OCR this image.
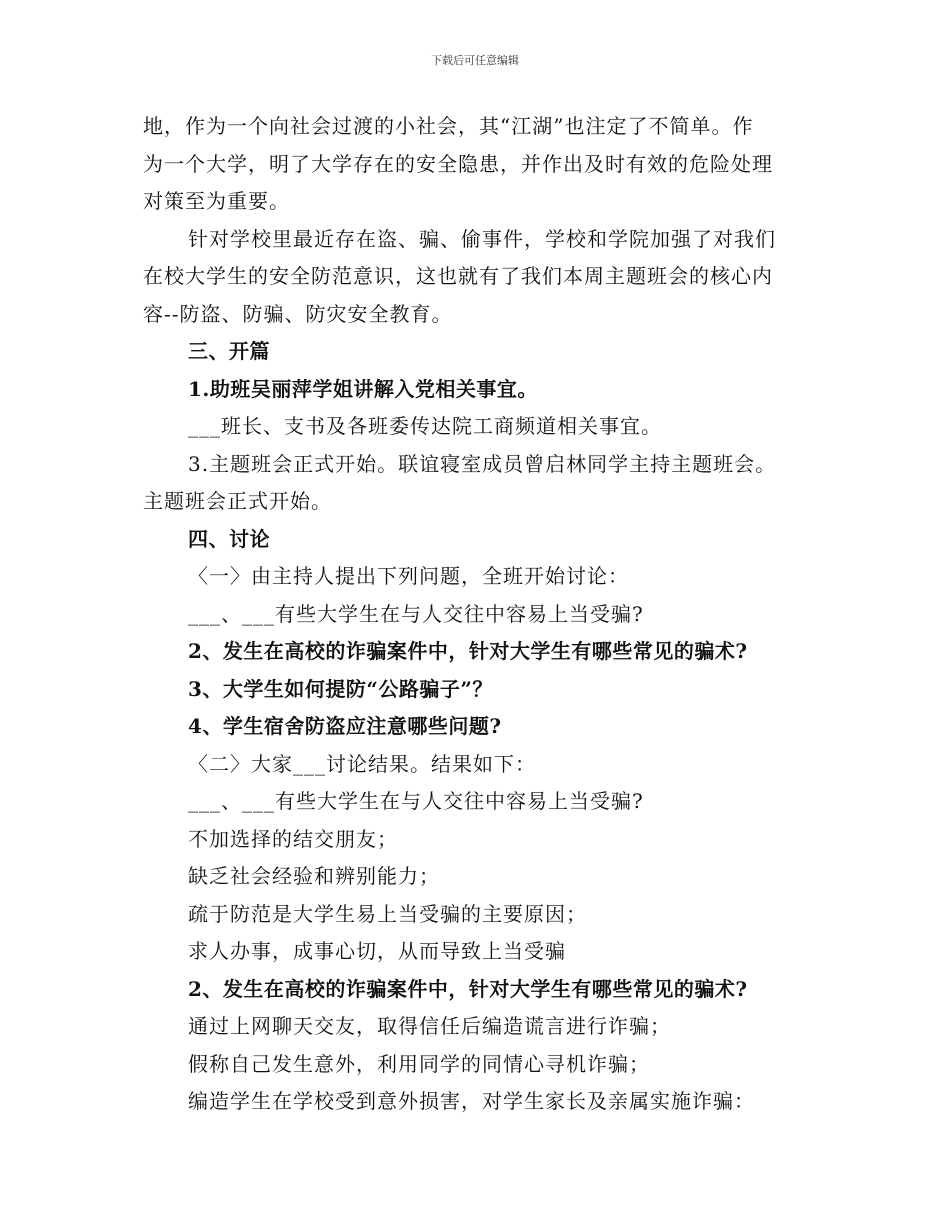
下载后可任意编辑
地，作为一个向社会过渡的小社会，其“江湖”也注定了不简单。作
为一个大学，明了大学存在的安全隐患，并作出及时有效的危险处理
对策至为重要。
针对学校里最近存在盗、骗、偷事件，学校和学院加强了对我们
在校大学生的安全防范意识，这也就有了我们本周主题班会的核心内
容--防盗、防骗、防灾安全教育。
三、开篇
1.助班吴丽萍学姐讲解入党相关事宜。
___班长、支书及各班委传达院工商频道相关事宜。
3.主题班会正式开始。联谊寝室成员曾启林同学主持主题班会。
主题班会正式开始。
四、讨论
〈一〉由主持人提出下列问题，全班开始讨论：
___、___有些大学生在与人交往中容易上当受骗?
2、发生在高校的诈骗案件中，针对大学生有哪些常见的骗术?
3、大学生如何提防“公路骗子”？
4、学生宿舍防盗应注意哪些问题?
〈二〉大家___讨论结果。结果如下：
___、___有些大学生在与人交往中容易上当受骗?
不加选择的结交朋友；
缺乏社会经验和辨别能力；
疏于防范是大学生易上当受骗的主要原因；
求人办事，成事心切，从而导致上当受骗
2、发生在高校的诈骗案件中，针对大学生有哪些常见的骗术?
通过上网聊天交友，取得信任后编造谎言进行诈骗；
假称自己发生意外，利用同学的同情心寻机诈骗；
编造学生在学校受到意外损害，对学生家长及亲属实施诈骗：
